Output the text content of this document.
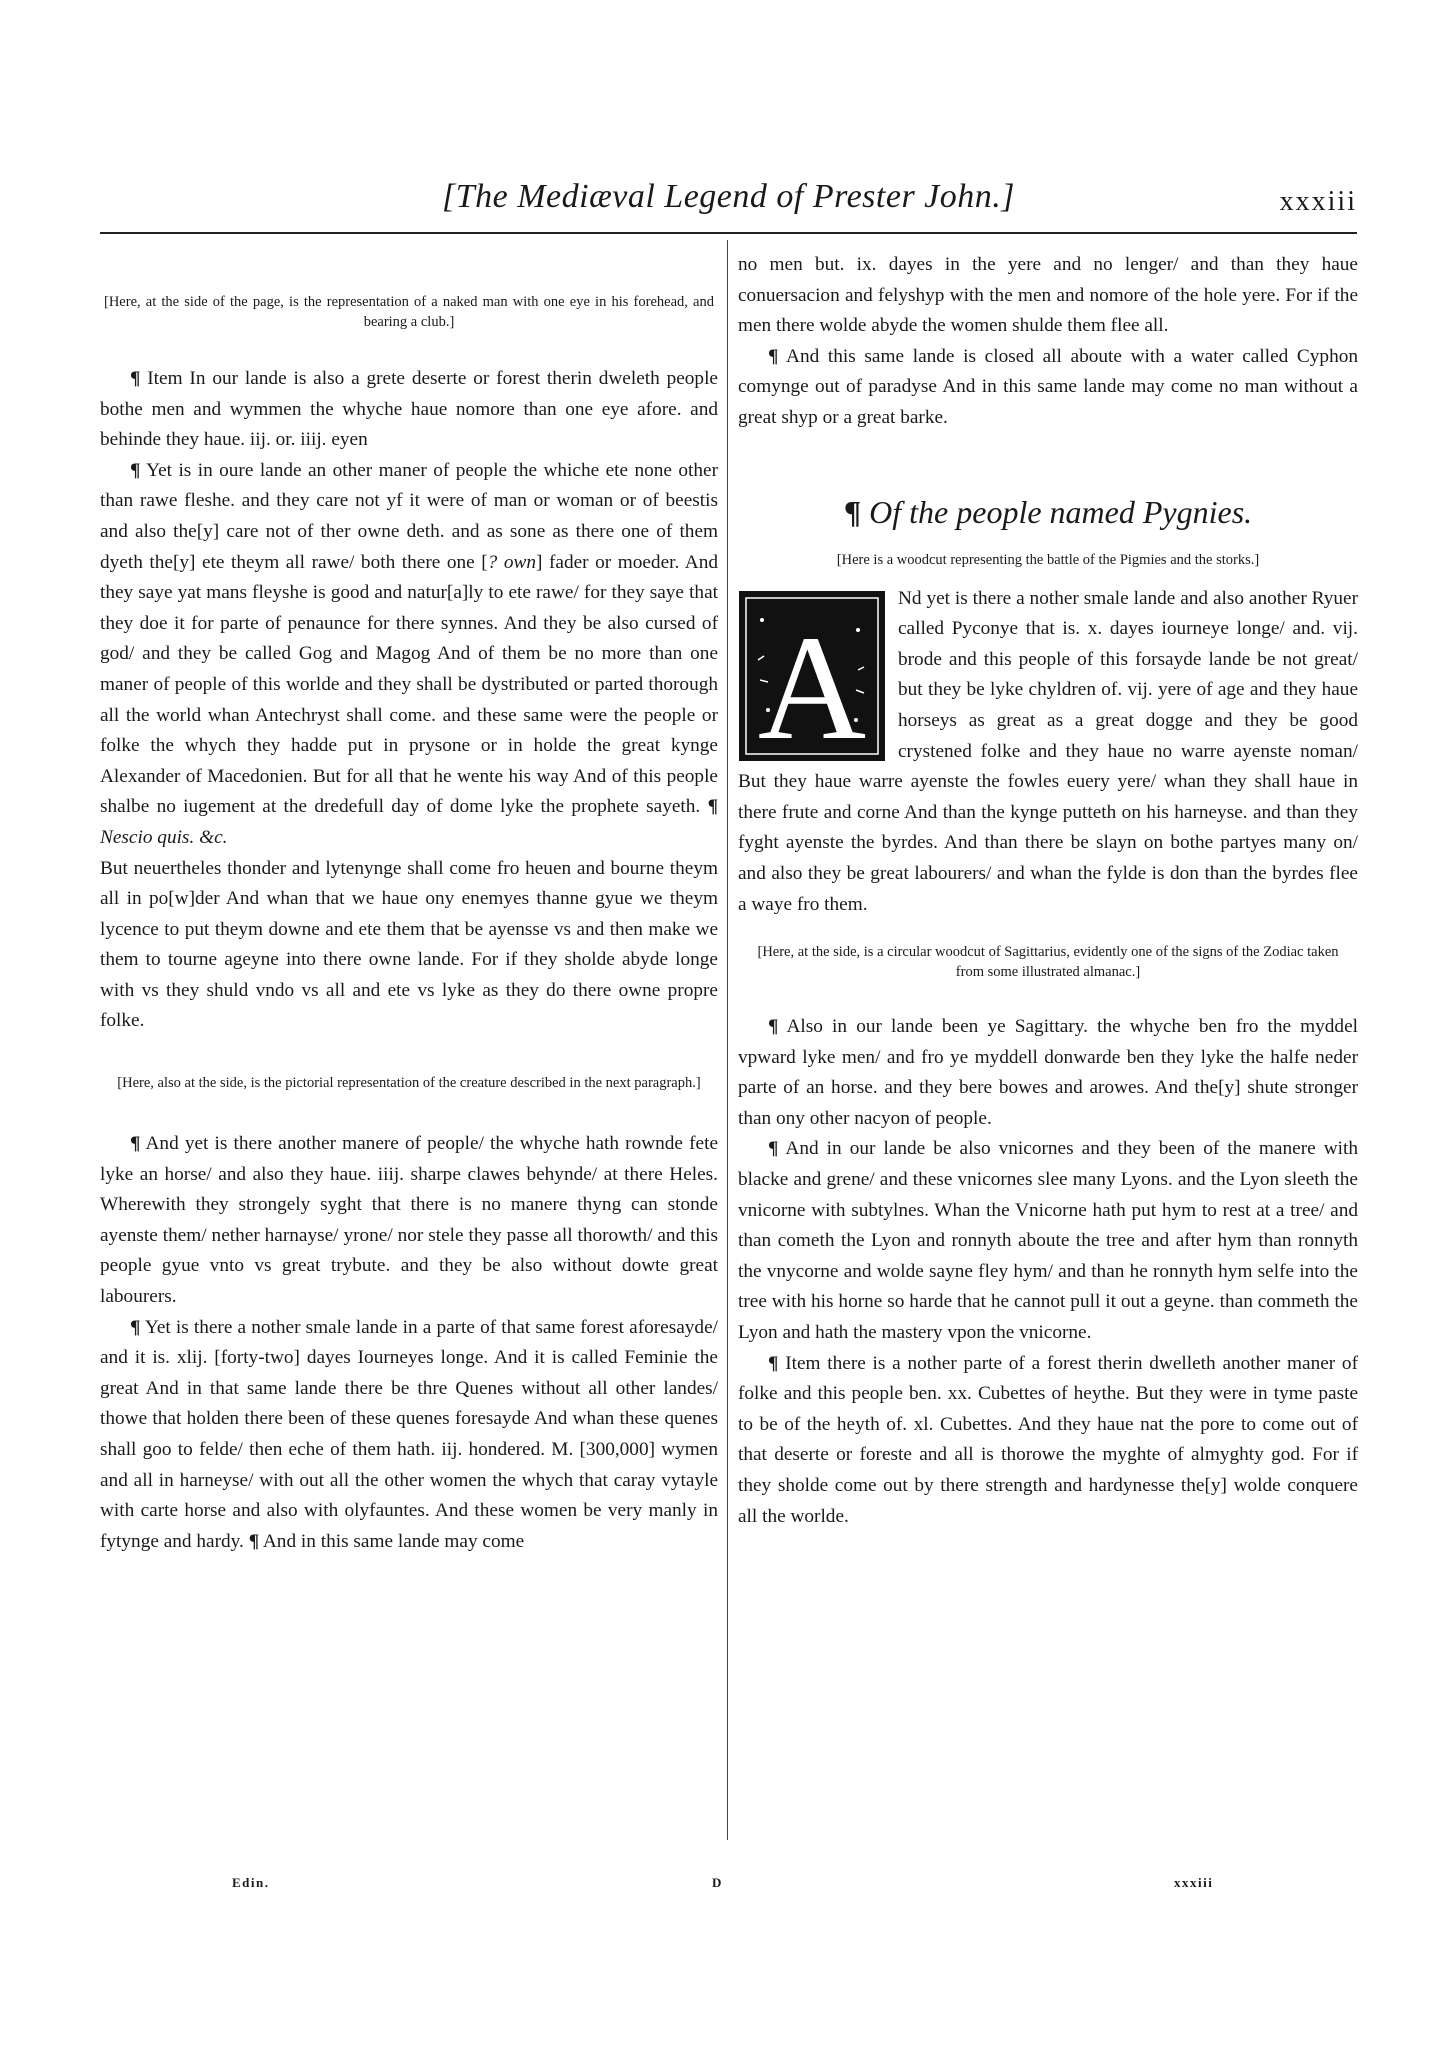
[The Mediæval Legend of Prester John.]	xxxiii

[Here, at the side of the page, is the representation of a naked man with one eye in his forehead, and bearing a club.]

¶ Item In our lande is also a grete deserte or forest therin dweleth people bothe men and wymmen the whyche haue nomore than one eye afore. and behinde they haue. iij. or. iiij. eyen

¶ Yet is in oure lande an other maner of people the whiche ete none other than rawe fleshe. and they care not yf it were of man or woman or of beestis and also the[y] care not of ther owne deth. and as sone as there one of them dyeth the[y] ete theym all rawe/ both there one [? own] fader or moeder. And they saye yat mans fleyshe is good and natur[a]ly to ete rawe/ for they saye that they doe it for parte of penaunce for there synnes. And they be also cursed of god/ and they be called Gog and Magog And of them be no more than one maner of people of this worlde and they shall be dystributed or parted thorough all the world whan Antechryst shall come. and these same were the people or folke the whych they hadde put in prysone or in holde the great kynge Alexander of Macedonien. But for all that he wente his way And of this people shalbe no iugement at the dredefull day of dome lyke the prophete sayeth. ¶ Nescio quis. &c.

But neuertheles thonder and lytenynge shall come fro heuen and bourne theym all in po[w]der And whan that we haue ony enemyes thanne gyue we theym lycence to put theym downe and ete them that be ayensse vs and then make we them to tourne ageyne into there owne lande. For if they sholde abyde longe with vs they shuld vndo vs all and ete vs lyke as they do there owne propre folke.

[Here, also at the side, is the pictorial representation of the creature described in the next paragraph.]

¶ And yet is there another manere of people/ the whyche hath rownde fete lyke an horse/ and also they haue. iiij. sharpe clawes behynde/ at there Heles. Wherewith they strongely syght that there is no manere thyng can stonde ayenste them/ nether harnayse/ yrone/ nor stele they passe all thorowth/ and this people gyue vnto vs great trybute. and they be also without dowte great labourers.

¶ Yet is there a nother smale lande in a parte of that same forest aforesayde/ and it is. xlij. [forty-two] dayes Iourneyes longe. And it is called Feminie the great And in that same lande there be thre Quenes without all other landes/ thowe that holden there been of these quenes foresayde And whan these quenes shall goo to felde/ then eche of them hath. iij. hondered. M. [300,000] wymen and all in harneyse/ with out all the other women the whych that caray vytayle with carte horse and also with olyfauntes. And these women be very manly in fytynge and hardy. ¶ And in this same lande may come

no men but. ix. dayes in the yere and no lenger/ and than they haue conuersacion and felyshyp with the men and nomore of the hole yere. For if the men there wolde abyde the women shulde them flee all.

¶ And this same lande is closed all aboute with a water called Cyphon comynge out of paradyse And in this same lande may come no man without a great shyp or a great barke.

¶ Of the people named Pygnies.

[Here is a woodcut representing the battle of the Pigmies and the storks.]

A
Nd yet is there a nother smale lande and also another Ryuer called Pyconye that is. x. dayes iourneye longe/ and. vij. brode and this people of this forsayde lande be not great/ but they be lyke chyldren of. vij. yere of age and they haue horseys as great as a great dogge and they be good crystened folke and they haue no warre ayenste noman/ But they haue warre ayenste the fowles euery yere/ whan they shall haue in there frute and corne And than the kynge putteth on his harneyse. and than they fyght ayenste the byrdes. And than there be slayn on bothe partyes many on/ and also they be great labourers/ and whan the fylde is don than the byrdes flee a waye fro them.

[Here, at the side, is a circular woodcut of Sagittarius, evidently one of the signs of the Zodiac taken from some illustrated almanac.]

¶ Also in our lande been ye Sagittary. the whyche ben fro the myddel vpward lyke men/ and fro ye myddell donwarde ben they lyke the halfe neder parte of an horse. and they bere bowes and arowes. And the[y] shute stronger than ony other nacyon of people.

¶ And in our lande be also vnicornes and they been of the manere with blacke and grene/ and these vnicornes slee many Lyons. and the Lyon sleeth the vnicorne with subtylnes. Whan the Vnicorne hath put hym to rest at a tree/ and than cometh the Lyon and ronnyth aboute the tree and after hym than ronnyth the vnycorne and wolde sayne fley hym/ and than he ronnyth hym selfe into the tree with his horne so harde that he cannot pull it out a geyne. than commeth the Lyon and hath the mastery vpon the vnicorne.

¶ Item there is a nother parte of a forest therin dwelleth another maner of folke and this people ben. xx. Cubettes of heythe. But they were in tyme paste to be of the heyth of. xl. Cubettes. And they haue nat the pore to come out of that deserte or foreste and all is thorowe the myghte of almyghty god. For if they sholde come out by there strength and hardynesse the[y] wolde conquere all the worlde.

Edin.	D	xxxiii
